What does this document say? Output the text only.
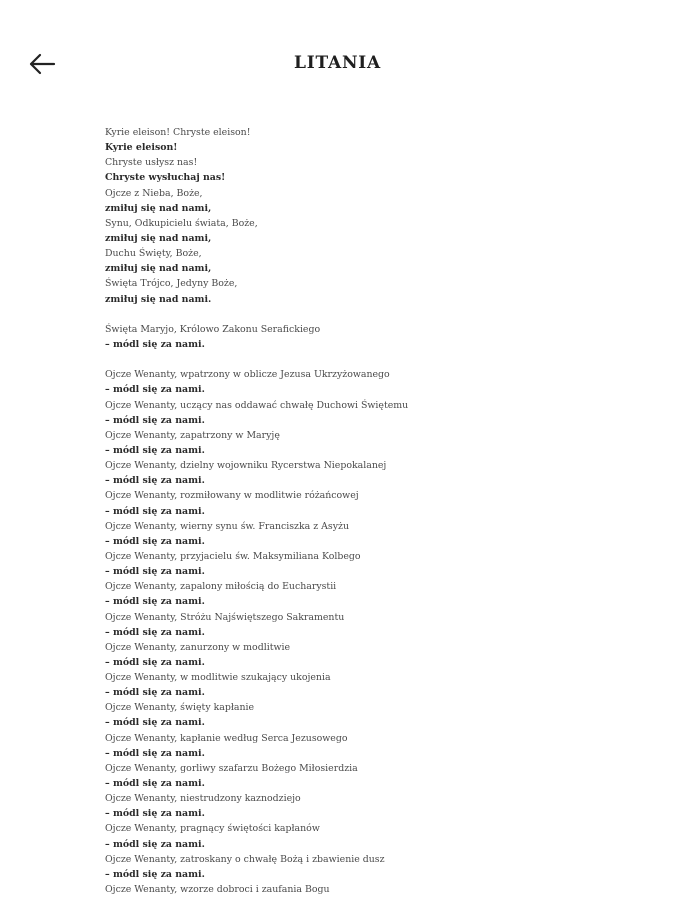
LITANIA
Kyrie eleison! Chryste eleison!
Kyrie eleison!
Chryste usłysz nas!
Chryste wysłuchaj nas!
Ojcze z Nieba, Boże,
zmiłuj się nad nami,
Synu, Odkupicielu świata, Boże,
zmiłuj się nad nami,
Duchu Święty, Boże,
zmiłuj się nad nami,
Święta Trójco, Jedyny Boże,
zmiłuj się nad nami.
Święta Maryjo, Królowo Zakonu Serafickiego
– módl się za nami.
Ojcze Wenanty, wpatrzony w oblicze Jezusa Ukrzyżowanego
– módl się za nami.
Ojcze Wenanty, uczący nas oddawać chwałę Duchowi Świętemu
– módl się za nami.
Ojcze Wenanty, zapatrzony w Maryję
– módl się za nami.
Ojcze Wenanty, dzielny wojowniku Rycerstwa Niepokalanej
– módl się za nami.
Ojcze Wenanty, rozmiłowany w modlitwie różańcowej
– módl się za nami.
Ojcze Wenanty, wierny synu św. Franciszka z Asyżu
– módl się za nami.
Ojcze Wenanty, przyjacielu św. Maksymiliana Kolbego
– módl się za nami.
Ojcze Wenanty, zapalony miłością do Eucharystii
– módl się za nami.
Ojcze Wenanty, Stróżu Najświętszego Sakramentu
– módl się za nami.
Ojcze Wenanty, zanurzony w modlitwie
– módl się za nami.
Ojcze Wenanty, w modlitwie szukający ukojenia
– módl się za nami.
Ojcze Wenanty, święty kapłanie
– módl się za nami.
Ojcze Wenanty, kapłanie według Serca Jezusowego
– módl się za nami.
Ojcze Wenanty, gorliwy szafarzu Bożego Miłosierdzia
– módl się za nami.
Ojcze Wenanty, niestrudzony kaznodziejo
– módl się za nami.
Ojcze Wenanty, pragnący świętości kapłanów
– módl się za nami.
Ojcze Wenanty, zatroskany o chwałę Bożą i zbawienie dusz
– módl się za nami.
Ojcze Wenanty, wzorze dobroci i zaufania Bogu
